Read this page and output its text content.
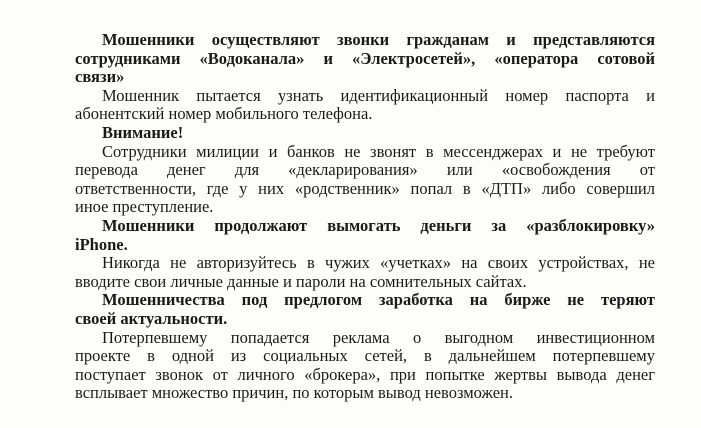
Мошенники осуществляют звонки гражданам и представляются
сотрудниками «Водоканала» и «Электросетей», «оператора сотовой
связи»
Мошенник пытается узнать идентификационный номер паспорта и
абонентский номер мобильного телефона.
Внимание!
Сотрудники милиции и банков не звонят в мессенджерах и не требуют
перевода денег для «декларирования» или «освобождения от
ответственности, где у них «родственник» попал в «ДТП» либо совершил
иное преступление.
Мошенники продолжают вымогать деньги за «разблокировку»
iPhone.
Никогда не авторизуйтесь в чужих «учетках» на своих устройствах, не
вводите свои личные данные и пароли на сомнительных сайтах.
Мошенничества под предлогом заработка на бирже не теряют
своей актуальности.
Потерпевшему попадается реклама о выгодном инвестиционном
проекте в одной из социальных сетей, в дальнейшем потерпевшему
поступает звонок от личного «брокера», при попытке жертвы вывода денег
всплывает множество причин, по которым вывод невозможен.
